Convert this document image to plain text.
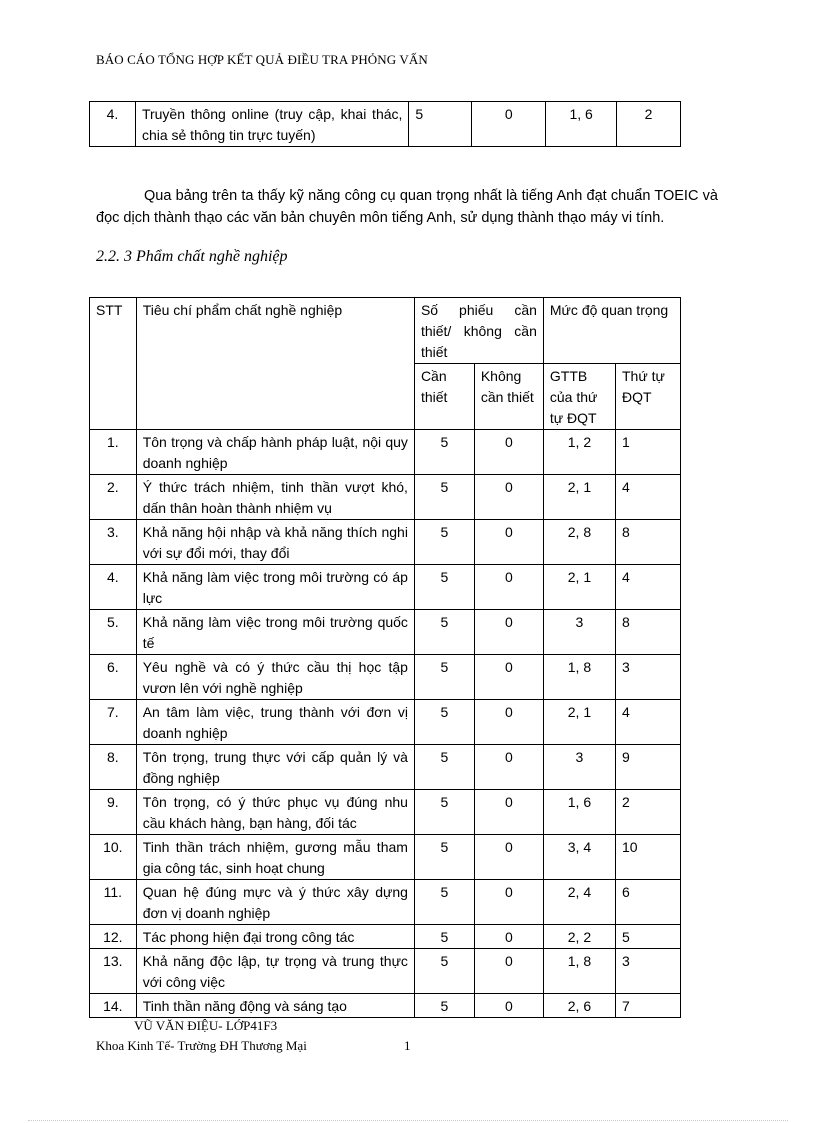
BÁO CÁO TỔNG HỢP KẾT QUẢ ĐIỀU TRA PHỎNG VẤN
4.	Truyền thông online (truy cập, khai thác, chia sẻ thông tin trực tuyến)	5	0	1, 6	2

Qua bảng trên ta thấy kỹ năng công cụ quan trọng nhất là tiếng Anh đạt chuẩn TOEIC và đọc dịch thành thạo các văn bản chuyên môn tiếng Anh, sử dụng thành thạo máy vi tính.

2.2. 3 Phẩm chất nghề nghiệp
STT	Tiêu chí phẩm chất nghề nghiệp	Số phiếu cần thiết/ không cần thiết		Mức độ quan trọng	
		Cần thiết	Không cần thiết	GTTB của thứ tự ĐQT	Thứ tự ĐQT
1.	Tôn trọng và chấp hành pháp luật, nội quy doanh nghiệp	5	0	1, 2	1
2.	Ý thức trách nhiệm, tinh thần vượt khó, dấn thân hoàn thành nhiệm vụ	5	0	2, 1	4
3.	Khả năng hội nhập và khả năng thích nghi với sự đổi mới, thay đổi	5	0	2, 8	8
4.	Khả năng làm việc trong môi trường có áp lực	5	0	2, 1	4
5.	Khả năng làm việc trong môi trường quốc tế	5	0	3	8
6.	Yêu nghề và có ý thức cầu thị học tập vươn lên với nghề nghiệp	5	0	1, 8	3
7.	An tâm làm việc, trung thành với đơn vị doanh nghiệp	5	0	2, 1	4
8.	Tôn trọng, trung thực với cấp quản lý và đồng nghiệp	5	0	3	9
9.	Tôn trọng, có ý thức phục vụ đúng nhu cầu khách hàng, bạn hàng, đối tác	5	0	1, 6	2
10.	Tinh thần trách nhiệm, gương mẫu tham gia công tác, sinh hoạt chung	5	0	3, 4	10
11.	Quan hệ đúng mực và ý thức xây dựng đơn vị doanh nghiệp	5	0	2, 4	6
12.	Tác phong hiện đại trong công tác	5	0	2, 2	5
13.	Khả năng độc lập, tự trọng và trung thực với công việc	5	0	1, 8	3
14.	Tinh thần năng động và sáng tạo	5	0	2, 6	7
VŨ VĂN ĐIỆU- LỚP41F3
Khoa Kinh Tế- Trường ĐH Thương Mại	1
